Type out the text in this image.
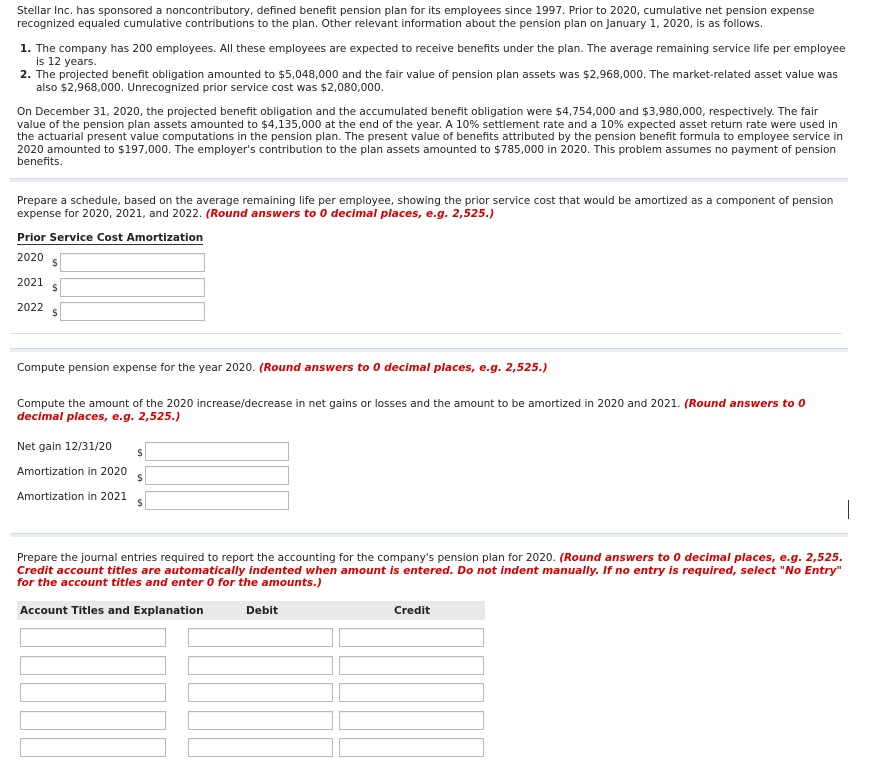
Stellar Inc. has sponsored a noncontributory, defined benefit pension plan for its employees since 1997. Prior to 2020, cumulative net pension expense recognized equaled cumulative contributions to the plan. Other relevant information about the pension plan on January 1, 2020, is as follows.

1. The company has 200 employees. All these employees are expected to receive benefits under the plan. The average remaining service life per employee is 12 years.
2. The projected benefit obligation amounted to $5,048,000 and the fair value of pension plan assets was $2,968,000. The market-related asset value was also $2,968,000. Unrecognized prior service cost was $2,080,000.

On December 31, 2020, the projected benefit obligation and the accumulated benefit obligation were $4,754,000 and $3,980,000, respectively. The fair value of the pension plan assets amounted to $4,135,000 at the end of the year. A 10% settlement rate and a 10% expected asset return rate were used in the actuarial present value computations in the pension plan. The present value of benefits attributed by the pension benefit formula to employee service in 2020 amounted to $197,000. The employer's contribution to the plan assets amounted to $785,000 in 2020. This problem assumes no payment of pension benefits.

Prepare a schedule, based on the average remaining life per employee, showing the prior service cost that would be amortized as a component of pension expense for 2020, 2021, and 2022. (Round answers to 0 decimal places, e.g. 2,525.)

Prior Service Cost Amortization
2020 $
2021 $
2022 $

Compute pension expense for the year 2020. (Round answers to 0 decimal places, e.g. 2,525.)

Compute the amount of the 2020 increase/decrease in net gains or losses and the amount to be amortized in 2020 and 2021. (Round answers to 0 decimal places, e.g. 2,525.)

Net gain 12/31/20
$
Amortization in 2020
$
Amortization in 2021
$

Prepare the journal entries required to report the accounting for the company's pension plan for 2020. (Round answers to 0 decimal places, e.g. 2,525. Credit account titles are automatically indented when amount is entered. Do not indent manually. If no entry is required, select "No Entry" for the account titles and enter 0 for the amounts.)

Account Titles and Explanation	Debit	Credit
